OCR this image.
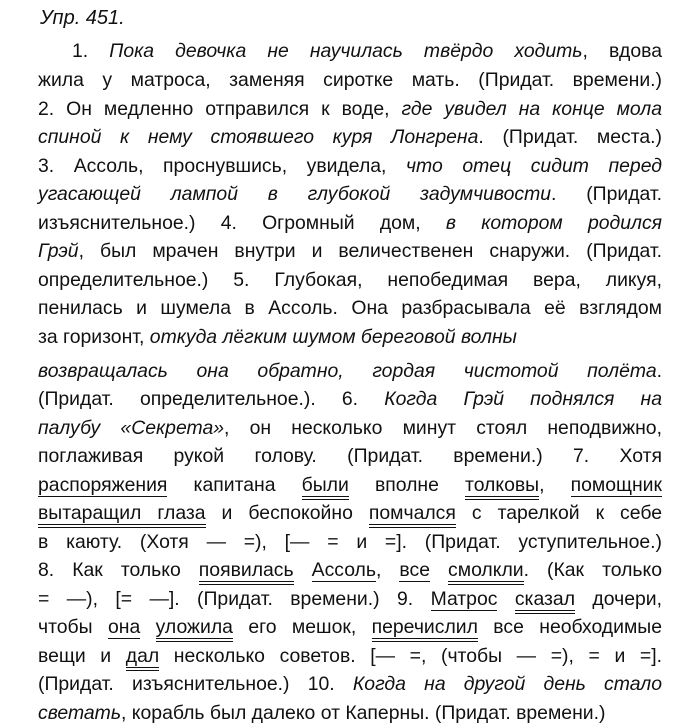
Упр. 451.
1. Пока девочка не научилась твёрдо ходить, вдова
жила у матроса, заменяя сиротке мать. (Придат. времени.)
2. Он медленно отправился к воде, где увидел на конце мола
спиной к нему стоявшего куря Лонгрена. (Придат. места.)
3. Ассоль, проснувшись, увидела, что отец сидит перед
угасающей лампой в глубокой задумчивости. (Придат.
изъяснительное.) 4. Огромный дом, в котором родился
Грэй, был мрачен внутри и величественен снаружи. (Придат.
определительное.) 5. Глубокая, непобедимая вера, ликуя,
пенилась и шумела в Ассоль. Она разбрасывала её взглядом
за горизонт, откуда лёгким шумом береговой волны
возвращалась она обратно, гордая чистотой полёта.
(Придат. определительное.). 6. Когда Грэй поднялся на
палубу «Секрета», он несколько минут стоял неподвижно,
поглаживая рукой голову. (Придат. времени.) 7. Хотя
распоряжения капитана были вполне толковы, помощник
вытаращил глаза и беспокойно помчался с тарелкой к себе
в каюту. (Хотя — =), [— = и =]. (Придат. уступительное.)
8. Как только появилась Ассоль, все смолкли. (Как только
= —), [= —]. (Придат. времени.) 9. Матрос сказал дочери,
чтобы она уложила его мешок, перечислил все необходимые
вещи и дал несколько советов. [— =, (чтобы — =), = и =].
(Придат. изъяснительное.) 10. Когда на другой день стало
светать, корабль был далеко от Каперны. (Придат. времени.)
